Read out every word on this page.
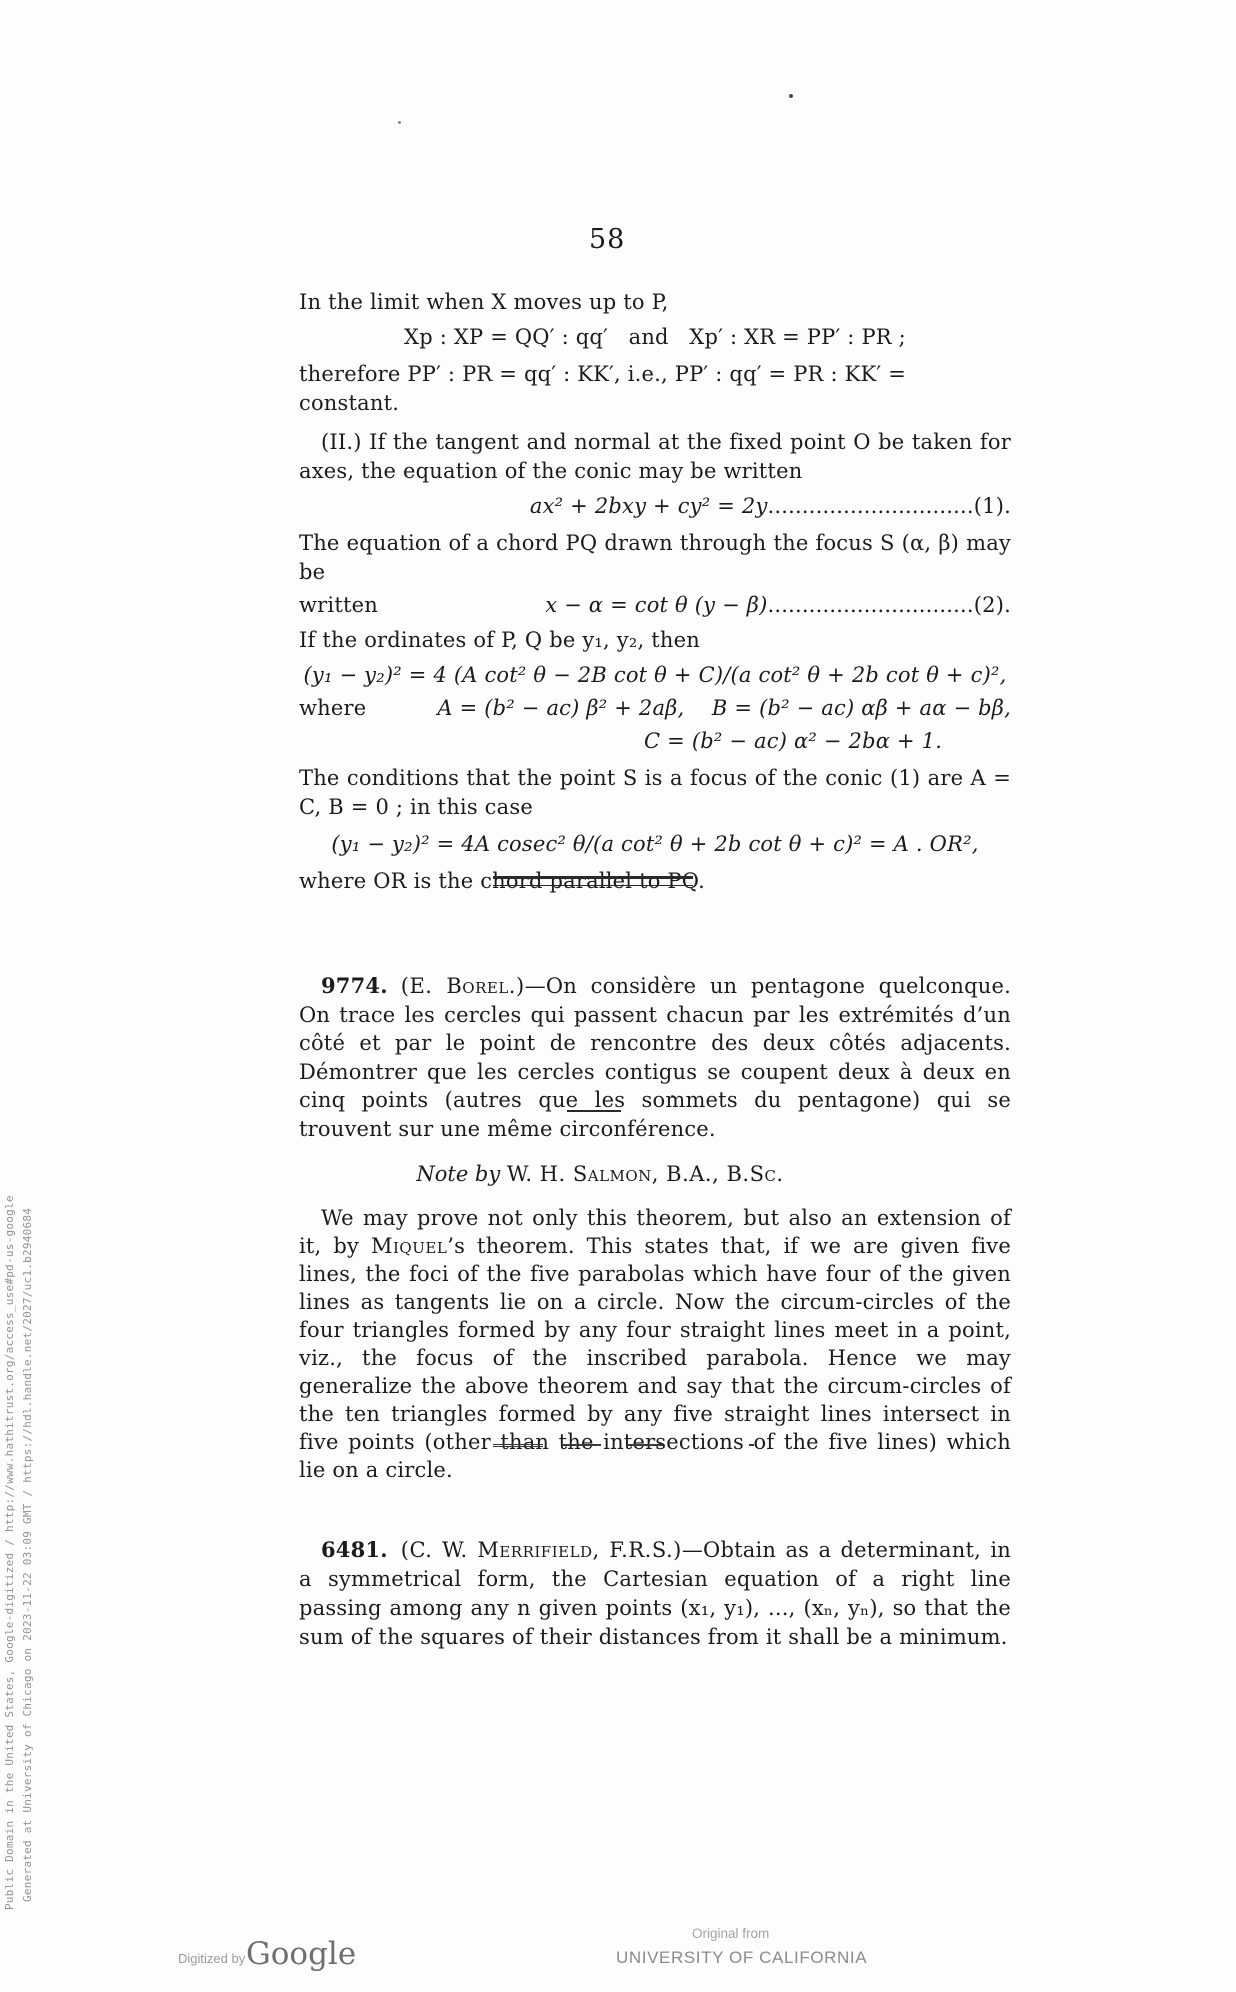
Generated at University of Chicago on 2023-11-22 03:09 GMT / https://hdl.handle.net/2027/uc1.b2940684
Public Domain in the United States, Google-digitized / http://www.hathitrust.org/access_use#pd-us-google
58

In the limit when X moves up to P,

Xp : XP = QQ′ : qq′   and   Xp′ : XR = PP′ : PR ;

therefore PP′ : PR = qq′ : KK′, i.e., PP′ : qq′ = PR : KK′ = constant.

(II.) If the tangent and normal at the fixed point O be taken for axes, the equation of the conic may be written

ax² + 2bxy + cy² = 2y..............................(1).

The equation of a chord PQ drawn through the focus S (α, β) may be

written	x − α = cot θ (y − β)..............................(2).

If the ordinates of P, Q be y₁, y₂, then

(y₁ − y₂)² = 4 (A cot² θ − 2B cot θ + C)/(a cot² θ + 2b cot θ + c)²,

where	A = (b² − ac) β² + 2aβ,    B = (b² − ac) αβ + aα − bβ,

C = (b² − ac) α² − 2bα + 1.

The conditions that the point S is a focus of the conic (1) are A = C, B = 0 ; in this case

(y₁ − y₂)² = 4A cosec² θ/(a cot² θ + 2b cot θ + c)² = A . OR²,

where OR is the chord parallel to PQ.

9774. (E. Borel.)—On considère un pentagone quelconque. On trace les cercles qui passent chacun par les extrémités d’un côté et par le point de rencontre des deux côtés adjacents. Démontrer que les cercles contigus se coupent deux à deux en cinq points (autres que les sommets du pentagone) qui se trouvent sur une même circonférence.

Note by W. H. Salmon, B.A., B.Sc.

We may prove not only this theorem, but also an extension of it, by Miquel’s theorem. This states that, if we are given five lines, the foci of the five parabolas which have four of the given lines as tangents lie on a circle. Now the circum-circles of the four triangles formed by any four straight lines meet in a point, viz., the focus of the inscribed parabola. Hence we may generalize the above theorem and say that the circum-circles of the ten triangles formed by any five straight lines intersect in five points (other than the intersections of the five lines) which lie on a circle.

6481. (C. W. Merrifield, F.R.S.)—Obtain as a determinant, in a symmetrical form, the Cartesian equation of a right line passing among any n given points (x₁, y₁), ..., (xₙ, yₙ), so that the sum of the squares of their distances from it shall be a minimum.

Digitized by Google
Original from
UNIVERSITY OF CALIFORNIA
